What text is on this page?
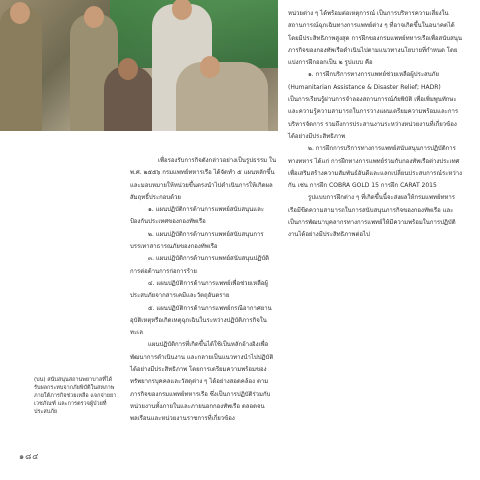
(บน) สนับสนุนสถานพยาบาลที่ได้รับผลกระทบจากภัยพิบัติในสหภาพ ภายใต้ภารกิจช่วยเหลือ แจกจ่ายยาเวชภัณฑ์ และการตรวจผู้ป่วยที่ประสบภัย
๑๘๔

เพื่อรองรับการกิจดังกล่าวอย่างเป็นรูปธรรม ใน พ.ศ. ๒๕๕๖ กรมแพทย์ทหารเรือ ได้จัดทำ ๕ แผนหลักขึ้น และมอบหมายให้หน่วยขึ้นตรงนำไปดำเนินการให้เกิดผลสัมฤทธิ์ประกอบด้วย

๑. แผนปฏิบัติการด้านการแพทย์สนับสนุนและป้องกันประเทศของกองทัพเรือ

๒. แผนปฏิบัติการด้านการแพทย์สนับสนุนการบรรเทาสาธารณภัยของกองทัพเรือ

๓. แผนปฏิบัติการด้านการแพทย์สนับสนุนปฏิบัติการต่อต้านการก่อการร้าย

๔. แผนปฏิบัติการด้านการแพทย์เพื่อช่วยเหลือผู้ประสบภัยจากสารเคมีและวัตถุอันตราย

๕. แผนปฏิบัติการด้านการแพทย์กรณีอากาศยานอุบัติเหตุหรือเกิดเหตุฉุกเฉินในระหว่างปฏิบัติภารกิจในทะเล

แผนปฏิบัติการที่เกิดขึ้นได้ใช้เป็นหลักอ้างอิงเพื่อพัฒนาการดำเนินงาน และกลายเป็นแนวทางนำไปปฏิบัติได้อย่างมีประสิทธิภาพ โดยการเตรียมความพร้อมของทรัพยากรบุคคลและวัสดุต่าง ๆ ได้อย่างสอดคล้อง ตามภารกิจของกรมแพทย์ทหารเรือ ซึ่งเป็นการปฏิบัติร่วมกับหน่วยงานทั้งภายในและภายนอกกองทัพเรือ ตลอดจนพลเรือนและหน่วยงานราชการที่เกี่ยวข้อง

หน่วยต่าง ๆ ได้พร้อมต่อเหตุการณ์ เป็นการบริหารความเสี่ยงในสถานการณ์ฉุกเฉินทางการแพทย์ต่าง ๆ ที่อาจเกิดขึ้นในอนาคตได้โดยมีประสิทธิภาพสูงสุด การฝึกของกรมแพทย์ทหารเรือเพื่อสนับสนุนภารกิจของกองทัพเรือดำเนินไปตามแนวทางนโยบายที่กำหนด โดยแบ่งการฝึกออกเป็น ๒ รูปแบบ คือ

๑. การฝึกบริการทางการแพทย์ช่วยเหลือผู้ประสบภัย (Humanitarian Assistance & Disaster Relief; HADR) เป็นการเรียนรู้ผ่านการจำลองสถานการณ์ภัยพิบัติ เพื่อเพิ่มพูนทักษะและความรู้ความสามารถในการวางแผนเตรียมความพร้อมและการบริหารจัดการ รวมถึงการประสานงานระหว่างหน่วยงานที่เกี่ยวข้องได้อย่างมีประสิทธิภาพ

๒. การฝึกการบริการทางการแพทย์สนับสนุนการปฏิบัติการทางทหาร ได้แก่ การฝึกทางการแพทย์ร่วมกับกองทัพเรือต่างประเทศ เพื่อเสริมสร้างความสัมพันธ์อันดีและแลกเปลี่ยนประสบการณ์ระหว่างกัน เช่น การฝึก COBRA GOLD 15 การฝึก CARAT 2015

รูปแบบการฝึกต่าง ๆ ที่เกิดขึ้นนี้จะส่งผลให้กรมแพทย์ทหารเรือมีขีดความสามารถในการสนับสนุนภารกิจของกองทัพเรือ และเป็นการพัฒนาบุคลากรทางการแพทย์ให้มีความพร้อมในการปฏิบัติงานได้อย่างมีประสิทธิภาพต่อไป
